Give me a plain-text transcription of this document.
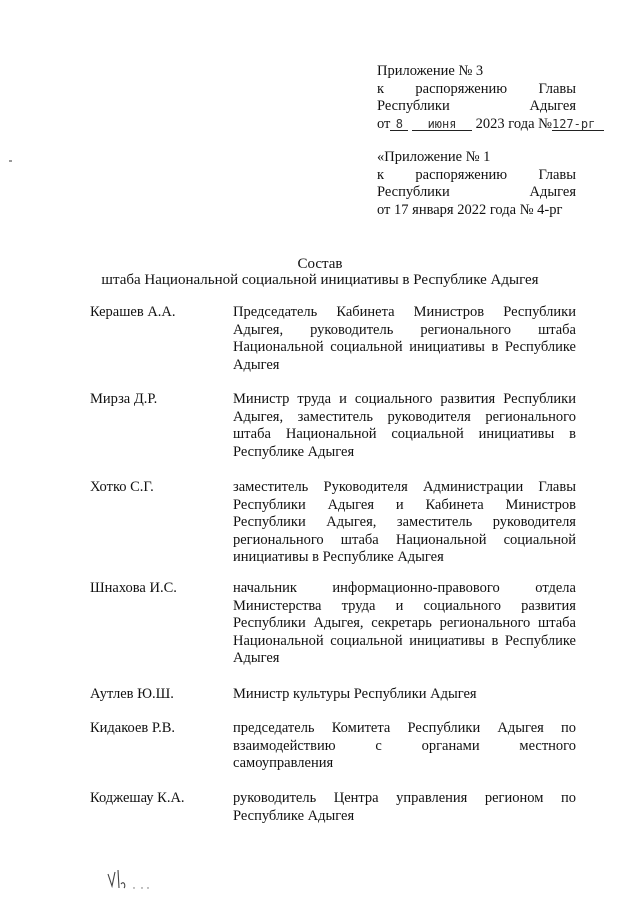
Приложение № 3
к распоряжению Главы
Республики	Адыгея
от 8 июня 2023 года №127-рг
«Приложение № 1
к распоряжению Главы
Республики	Адыгея
от 17 января 2022 года № 4-рг
Состав
штаба Национальной социальной инициативы в Республике Адыгея
Керашев А.А.	Председатель Кабинета Министров Республики
Адыгея, руководитель регионального штаба
Национальной социальной инициативы в Республике
Адыгея
Мирза Д.Р.	Министр труда и социального развития Республики
Адыгея, заместитель руководителя регионального
штаба Национальной социальной инициативы в
Республике Адыгея
Хотко С.Г.	заместитель Руководителя Администрации Главы
Республики Адыгея и Кабинета Министров
Республики Адыгея, заместитель руководителя
регионального штаба Национальной социальной
инициативы в Республике Адыгея
Шнахова И.С.	начальник информационно-правового отдела
Министерства труда и социального развития
Республики Адыгея, секретарь регионального штаба
Национальной социальной инициативы в Республике
Адыгея
Аутлев Ю.Ш.	Министр культуры Республики Адыгея
Кидакоев Р.В.	председатель Комитета Республики Адыгея по
взаимодействию	с	органами	местного
самоуправления
Коджешау К.А.	руководитель Центра управления регионом по
Республике Адыгея
